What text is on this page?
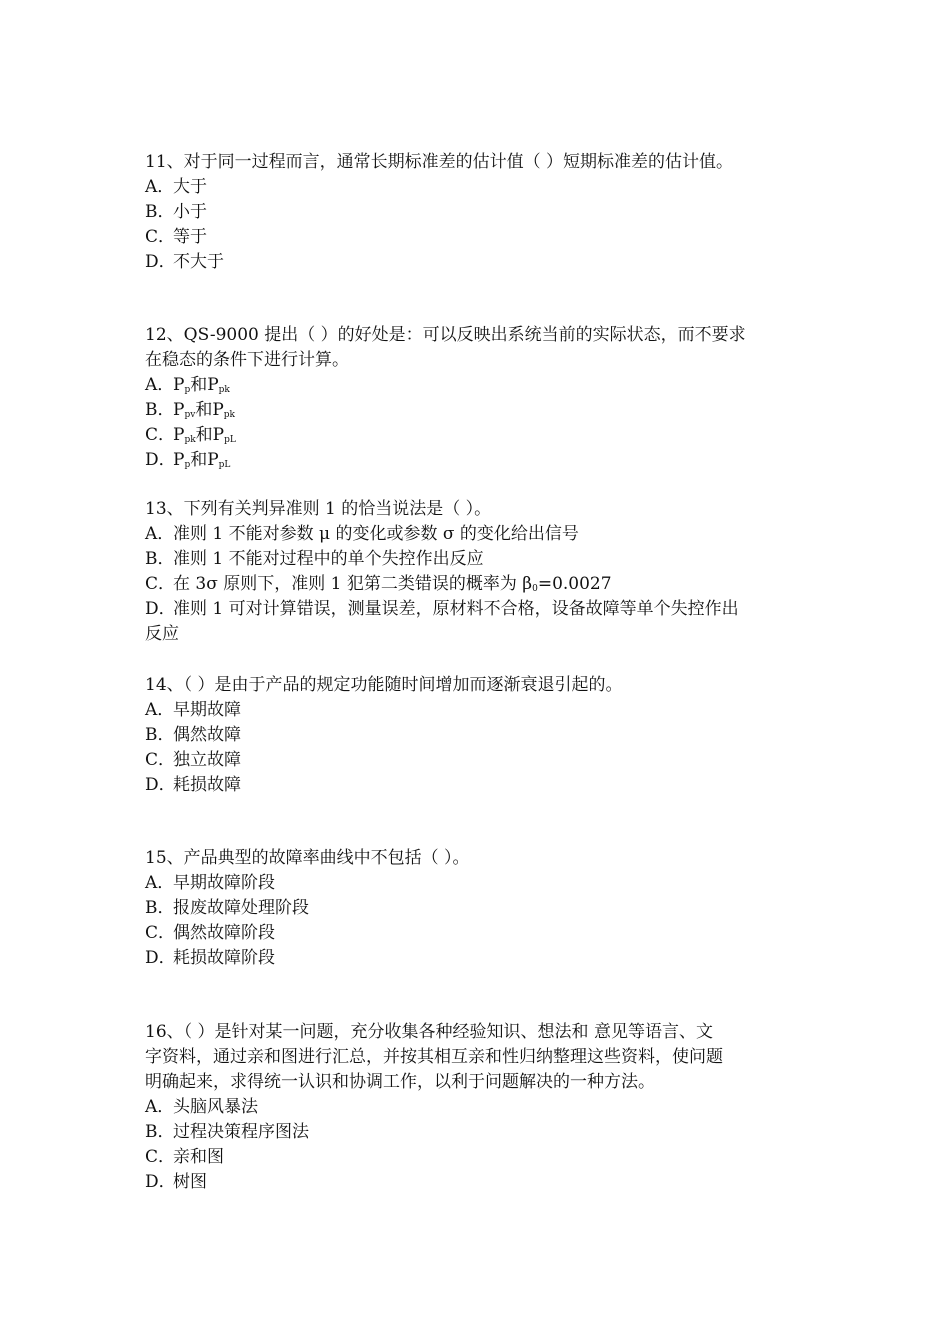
11、对于同一过程而言，通常长期标准差的估计值（ ）短期标准差的估计值。
A．大于
B．小于
C．等于
D．不大于
12、QS-9000 提出（ ）的好处是：可以反映出系统当前的实际状态，而不要求
在稳态的条件下进行计算。
A．$P_p$和$P_{pk}$
B．$P_{pv}$和$P_{pk}$
C．$P_{pk}$和$P_{pL}$
D．$P_p$和$P_{pL}$
13、下列有关判异准则 1 的恰当说法是（ ）。
A．准则 1 不能对参数 μ 的变化或参数 σ 的变化给出信号
B．准则 1 不能对过程中的单个失控作出反应
C．在 3σ 原则下，准则 1 犯第二类错误的概率为 $\beta_0=0.0027$
D．准则 1 可对计算错误，测量误差，原材料不合格，设备故障等单个失控作出
反应
14、（ ）是由于产品的规定功能随时间增加而逐渐衰退引起的。
A．早期故障
B．偶然故障
C．独立故障
D．耗损故障
15、产品典型的故障率曲线中不包括（ ）。
A．早期故障阶段
B．报废故障处理阶段
C．偶然故障阶段
D．耗损故障阶段
16、（ ）是针对某一问题，充分收集各种经验知识、想法和 意见等语言、文
字资料，通过亲和图进行汇总，并按其相互亲和性归纳整理这些资料，使问题
明确起来，求得统一认识和协调工作，以利于问题解决的一种方法。
A．头脑风暴法
B．过程决策程序图法
C．亲和图
D．树图
